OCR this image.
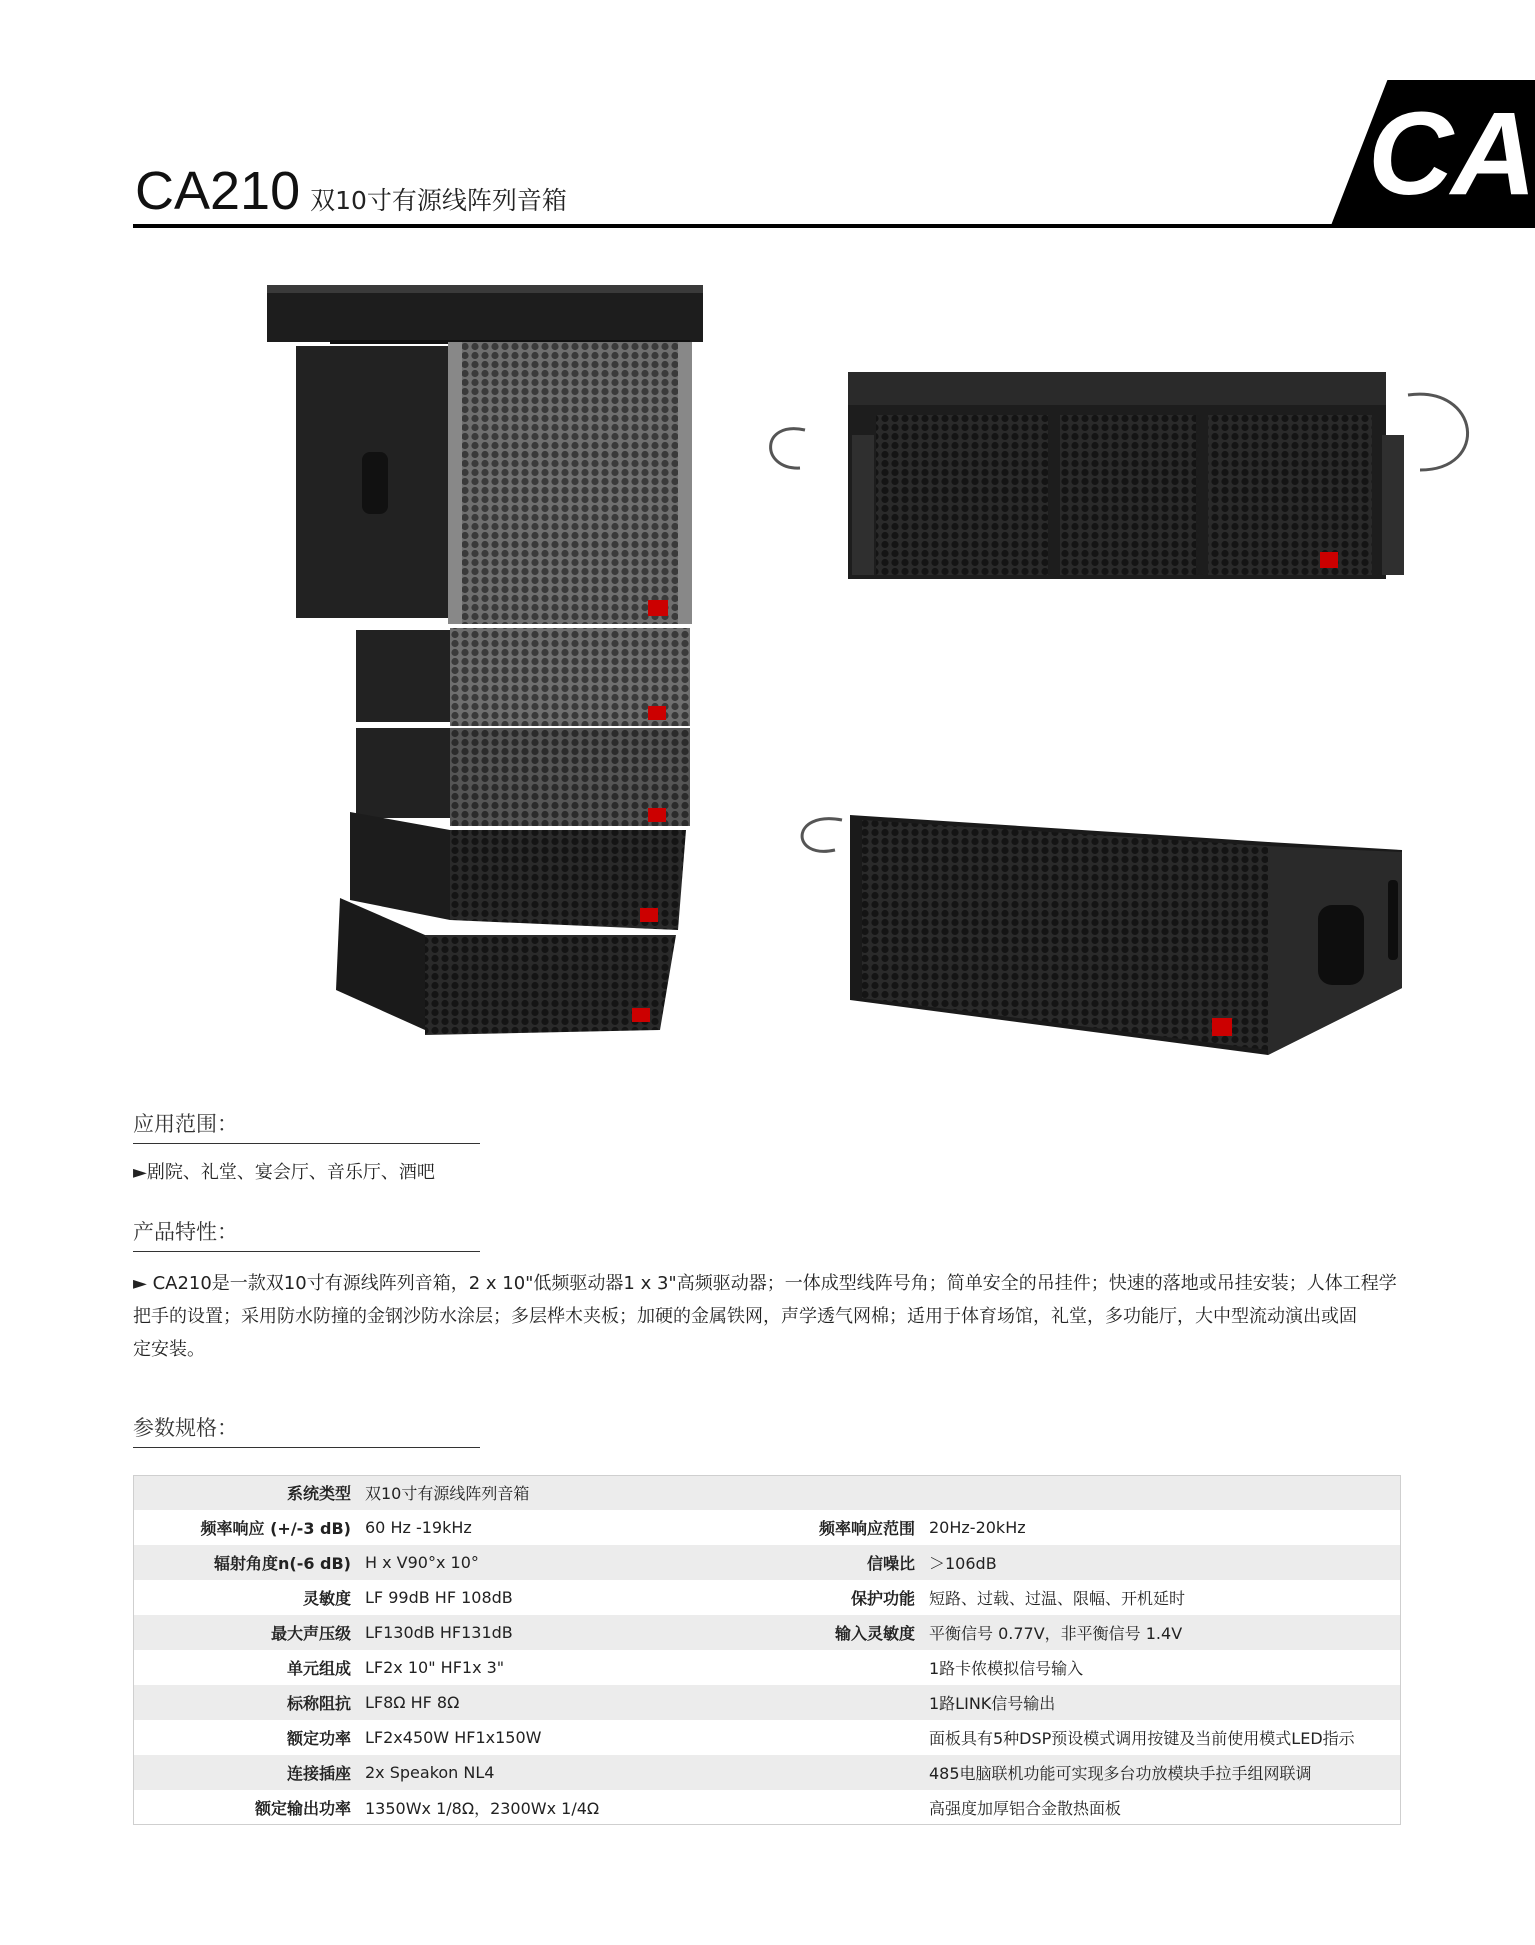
CA210 双10寸有源线阵列音箱	CA
应用范围：
►剧院、礼堂、宴会厅、音乐厅、酒吧
产品特性：
► CA210是一款双10寸有源线阵列音箱，2 x 10"低频驱动器1 x 3"高频驱动器；一体成型线阵号角；简单安全的吊挂件；快速的落地或吊挂安装；人体工程学
把手的设置；采用防水防撞的金钢沙防水涂层；多层桦木夹板；加硬的金属铁网，声学透气网棉；适用于体育场馆，礼堂，多功能厅，大中型流动演出或固
定安装。
参数规格：
系统类型	双10寸有源线阵列音箱		
频率响应 (+/-3 dB)	60 Hz -19kHz	频率响应范围	20Hz-20kHz
辐射角度n(-6 dB)	H x V90°x 10°	信噪比	＞106dB
灵敏度	LF 99dB HF 108dB	保护功能	短路、过载、过温、限幅、开机延时
最大声压级	LF130dB HF131dB	输入灵敏度	平衡信号 0.77V，非平衡信号 1.4V
单元组成	LF2x 10" HF1x 3"		1路卡侬模拟信号输入
标称阻抗	LF8Ω HF 8Ω		1路LINK信号输出
额定功率	LF2x450W HF1x150W		面板具有5种DSP预设模式调用按键及当前使用模式LED指示
连接插座	2x Speakon NL4		485电脑联机功能可实现多台功放模块手拉手组网联调
额定输出功率	1350Wx 1/8Ω，2300Wx 1/4Ω		高强度加厚铝合金散热面板
